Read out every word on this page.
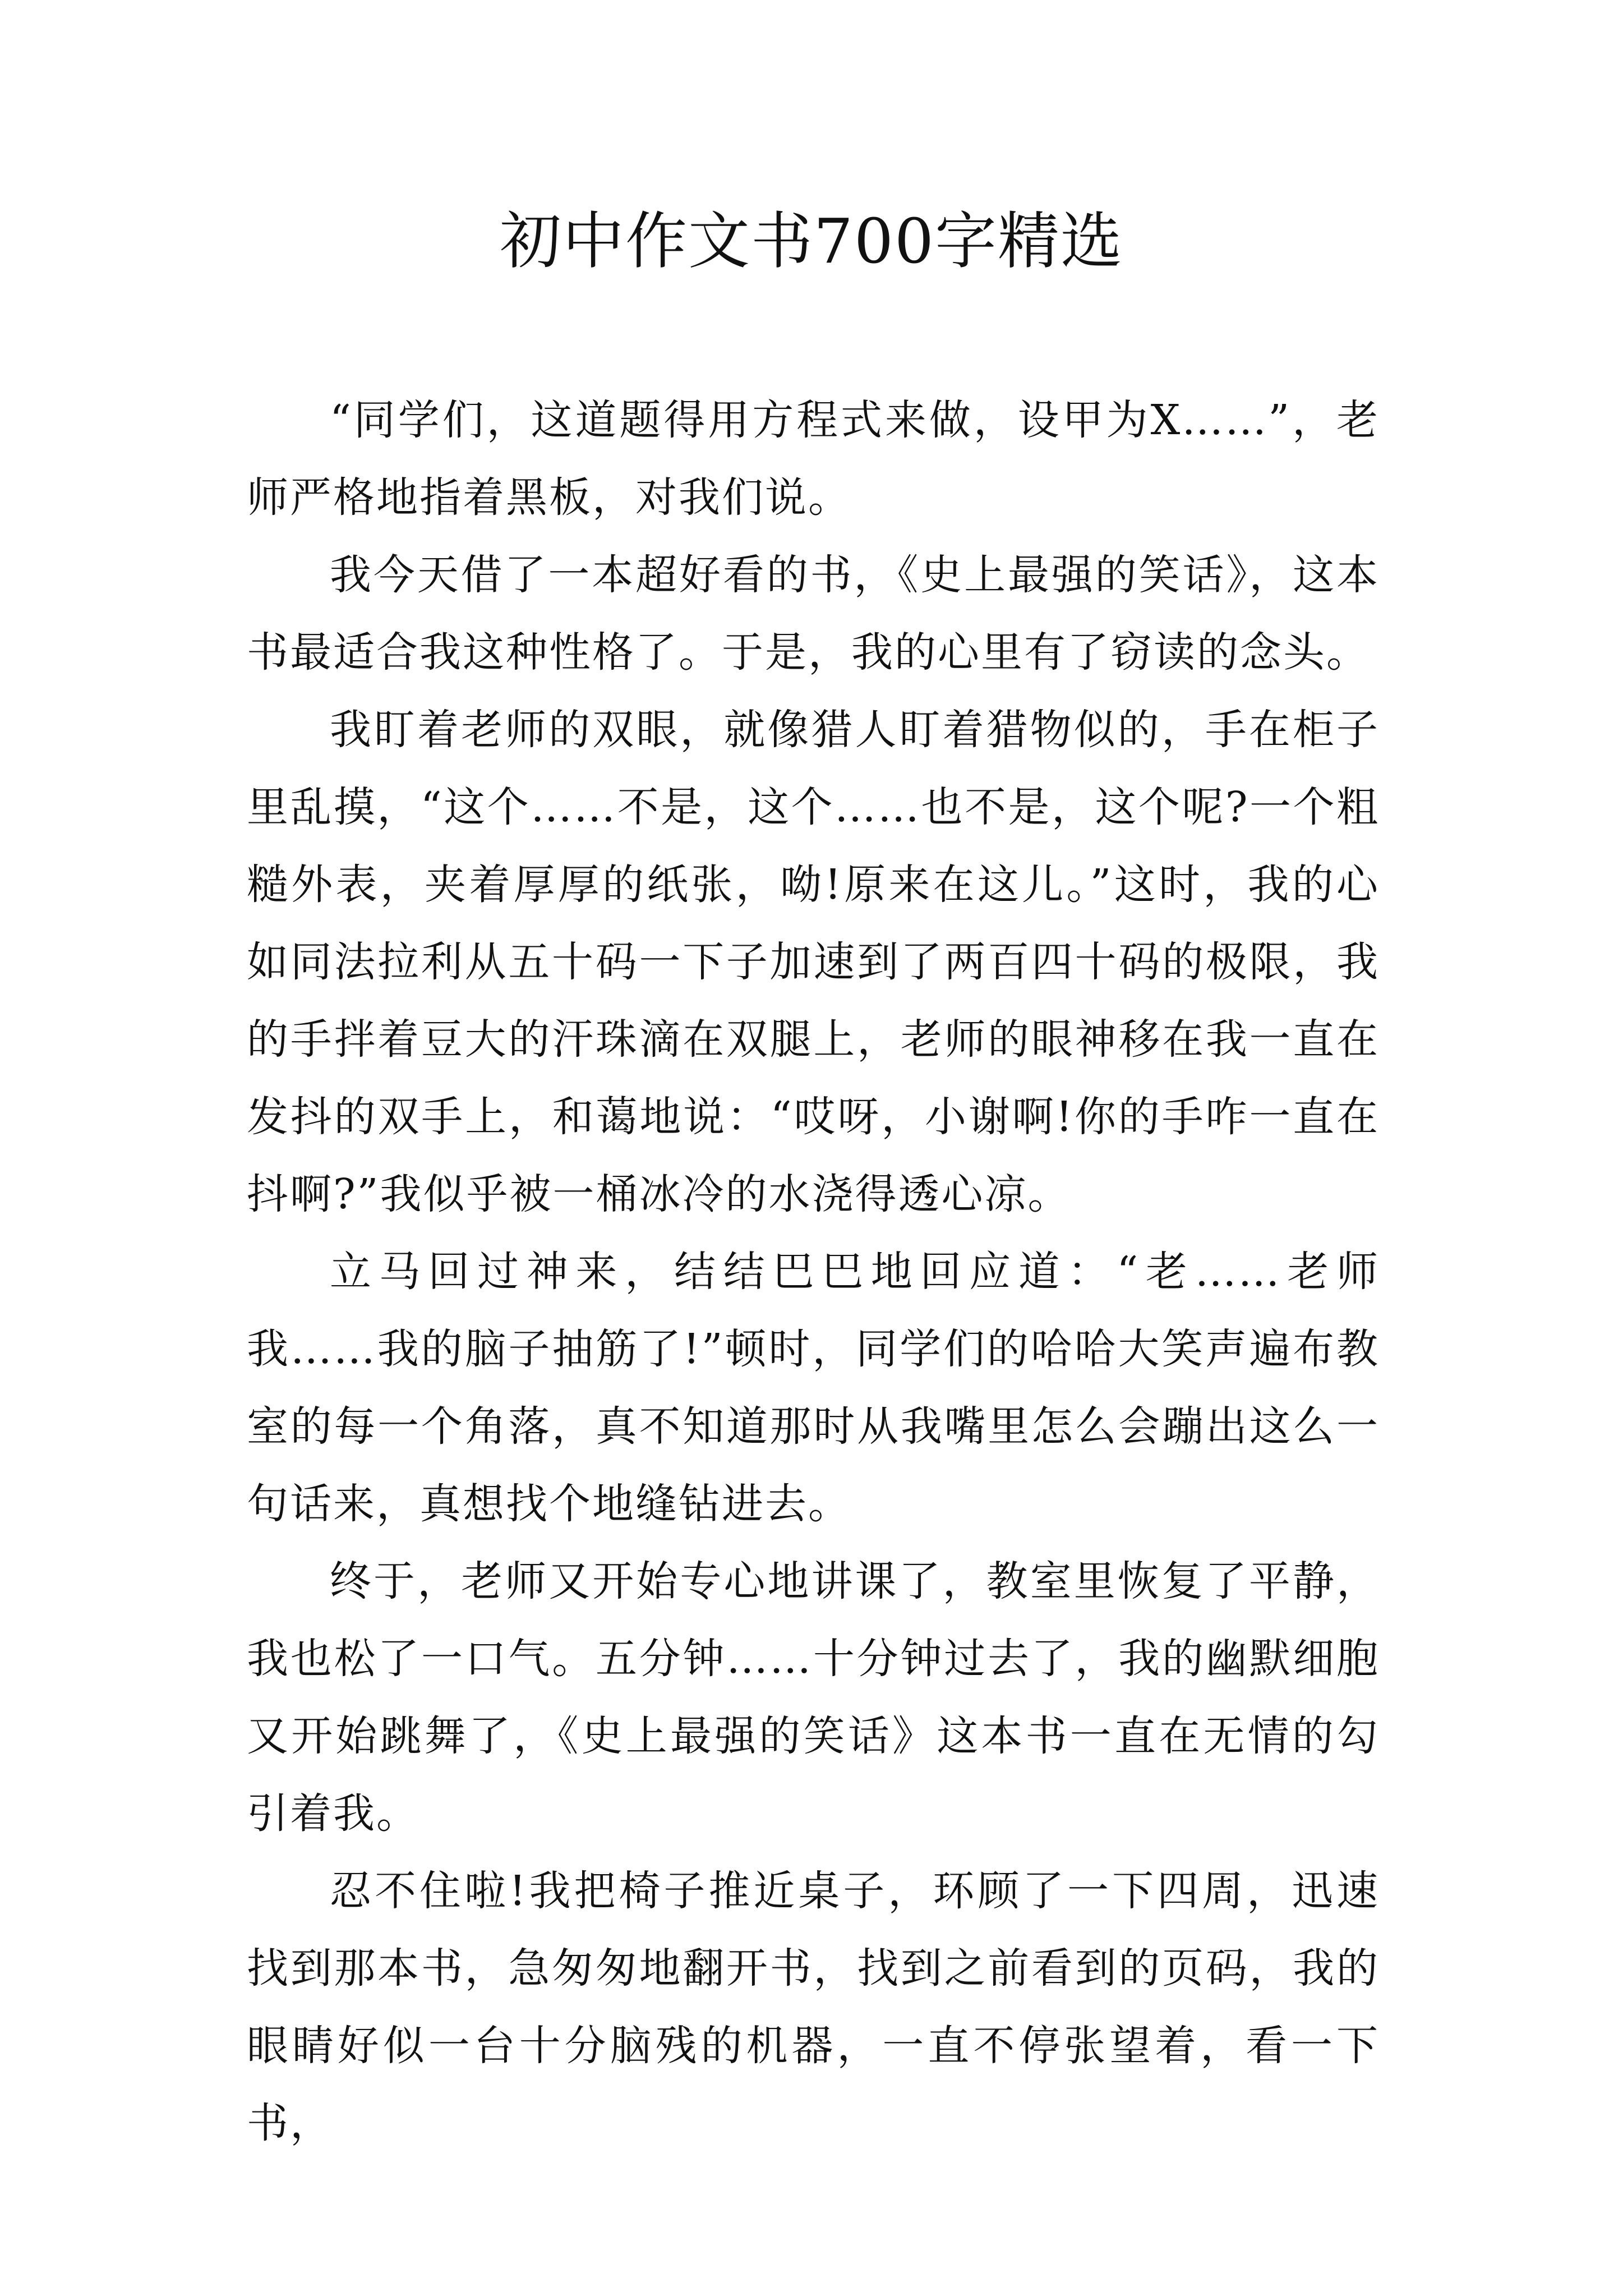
初中作文书700字精选

“同学们，这道题得用方程式来做，设甲为X……”，老师严格地指着黑板，对我们说。

我今天借了一本超好看的书，《史上最强的笑话》，这本书最适合我这种性格了。于是，我的心里有了窃读的念头。

我盯着老师的双眼，就像猎人盯着猎物似的，手在柜子里乱摸，“这个……不是，这个……也不是，这个呢?一个粗糙外表，夹着厚厚的纸张，呦!原来在这儿。”这时，我的心如同法拉利从五十码一下子加速到了两百四十码的极限，我的手拌着豆大的汗珠滴在双腿上，老师的眼神移在我一直在发抖的双手上，和蔼地说：“哎呀，小谢啊!你的手咋一直在抖啊?”我似乎被一桶冰冷的水浇得透心凉。

立马回过神来，结结巴巴地回应道：“老……老师我……我的脑子抽筋了!”顿时，同学们的哈哈大笑声遍布教室的每一个角落，真不知道那时从我嘴里怎么会蹦出这么一句话来，真想找个地缝钻进去。

终于，老师又开始专心地讲课了，教室里恢复了平静，我也松了一口气。五分钟……十分钟过去了，我的幽默细胞又开始跳舞了，《史上最强的笑话》这本书一直在无情的勾引着我。

忍不住啦!我把椅子推近桌子，环顾了一下四周，迅速找到那本书，急匆匆地翻开书，找到之前看到的页码，我的眼睛好似一台十分脑残的机器，一直不停张望着，看一下书，
